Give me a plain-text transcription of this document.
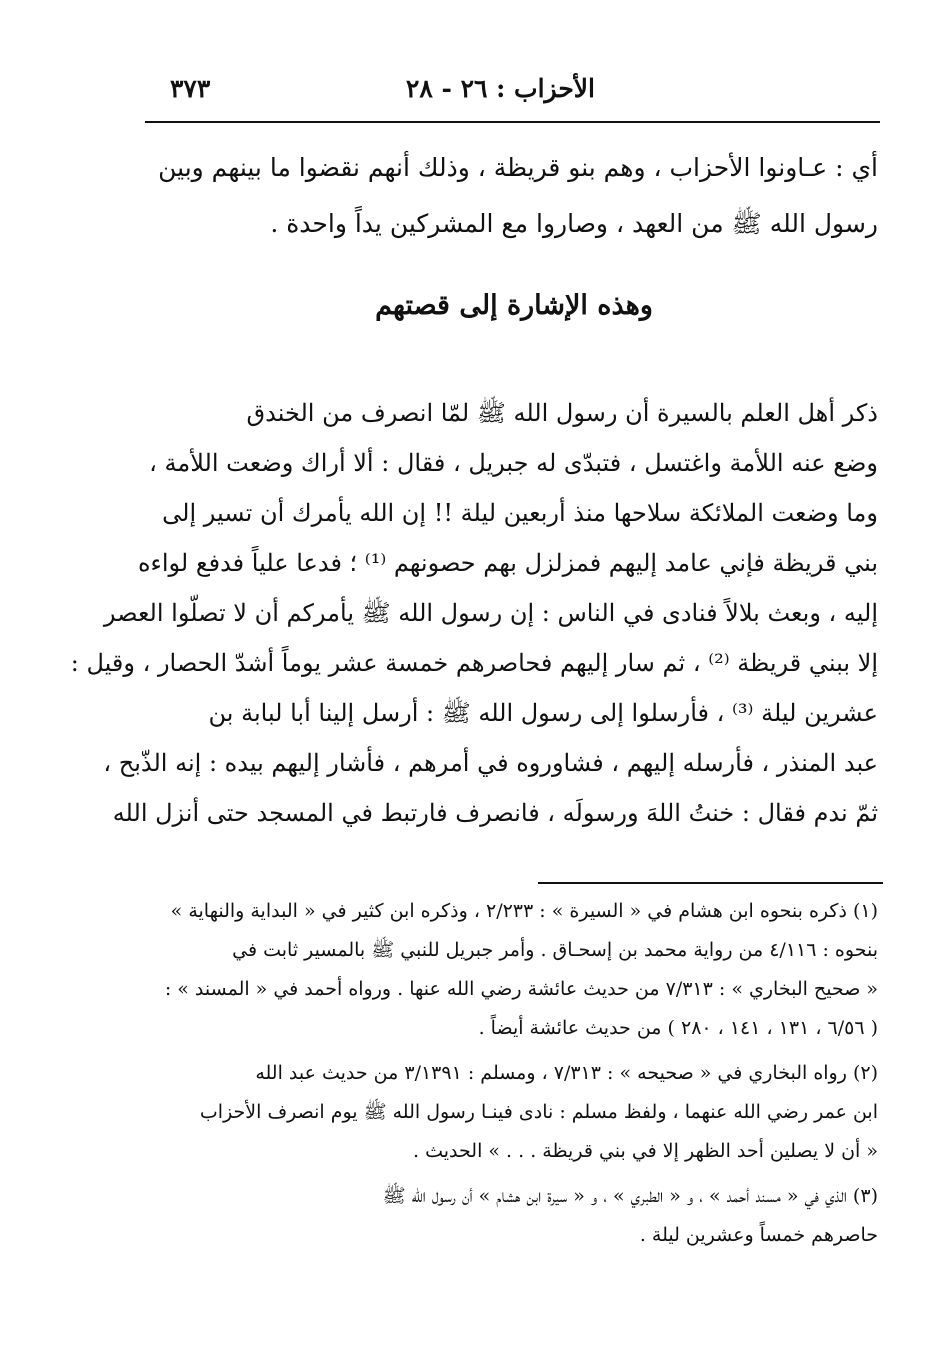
الأحزاب : ٢٦ - ٢٨
٣٧٣
أي : عـاونوا الأحزاب ، وهم بنو قريظة ، وذلك أنهم نقضوا ما بينهم وبين
رسول الله ﷺ من العهد ، وصاروا مع المشركين يداً واحدة .
وهذه الإشارة إلى قصتهم
ذكر أهل العلم بالسيرة أن رسول الله ﷺ لمّا انصرف من الخندق
وضع عنه اللأمة واغتسل ، فتبدّى له جبريل ، فقال : ألا أراك وضعت اللأمة ،
وما وضعت الملائكة سلاحها منذ أربعين ليلة !! إن الله يأمرك أن تسير إلى
بني قريظة فإني عامد إليهم فمزلزل بهم حصونهم ⁽¹⁾ ؛ فدعا علياً فدفع لواءه
إليه ، وبعث بلالاً فنادى في الناس : إن رسول الله ﷺ يأمركم أن لا تصلّوا العصر
إلا ببني قريظة ⁽²⁾ ، ثم سار إليهم فحاصرهم خمسة عشر يوماً أشدّ الحصار ، وقيل :
عشرين ليلة ⁽³⁾ ، فأرسلوا إلى رسول الله ﷺ : أرسل إلينا أبا لبابة بن
عبد المنذر ، فأرسله إليهم ، فشاوروه في أمرهم ، فأشار إليهم بيده : إنه الذّبح ،
ثمّ ندم فقال : خنتُ اللهَ ورسولَه ، فانصرف فارتبط في المسجد حتى أنزل الله
(١) ذكره بنحوه ابن هشام في « السيرة » : ٢/٢٣٣ ، وذكره ابن كثير في « البداية والنهاية »
بنحوه : ٤/١١٦ من رواية محمد بن إسحـاق . وأمر جبريل للنبي ﷺ بالمسير ثابت في
« صحيح البخاري » : ٧/٣١٣ من حديث عائشة رضي الله عنها . ورواه أحمد في « المسند » :
( ٦/٥٦ ، ١٣١ ، ١٤١ ، ٢٨٠ ) من حديث عائشة أيضاً .
(٢) رواه البخاري في « صحيحه » : ٧/٣١٣ ، ومسلم : ٣/١٣٩١ من حديث عبد الله
ابن عمر رضي الله عنهما ، ولفظ مسلم : نادى فينـا رسول الله ﷺ يوم انصرف الأحزاب
« أن لا يصلين أحد الظهر إلا في بني قريظة . . . » الحديث .
(٣) الذي في « مسند أحمد » ، و « الطبري » ، و « سيرة ابن هشام » أن رسول الله ﷺ
حاصرهم خمساً وعشرين ليلة .
